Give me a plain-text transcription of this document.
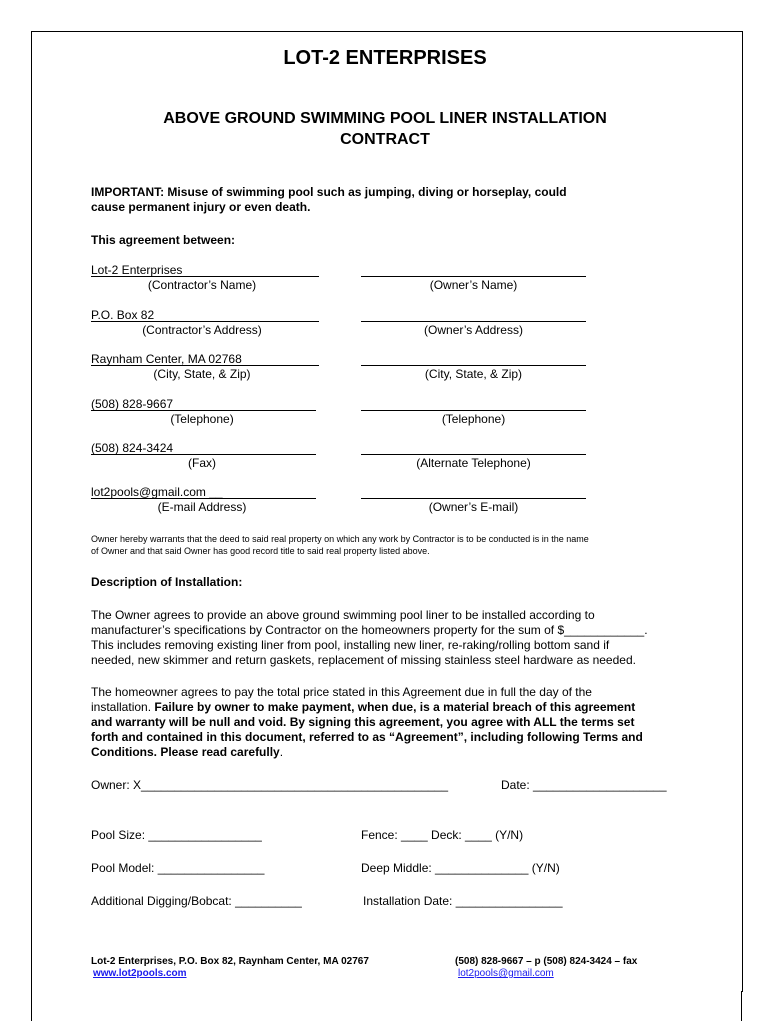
LOT-2 ENTERPRISES
ABOVE GROUND SWIMMING POOL LINER INSTALLATION
CONTRACT
IMPORTANT: Misuse of swimming pool such as jumping, diving or horseplay, could
cause permanent injury or even death.
This agreement between:
Lot-2 Enterprises
(Contractor’s Name)	(Owner’s Name)
P.O. Box 82
(Contractor’s Address)	(Owner’s Address)
Raynham Center, MA 02768
(City, State, & Zip)	(City, State, & Zip)
(508) 828-9667
(Telephone)	(Telephone)
(508) 824-3424
(Fax)	(Alternate Telephone)
lot2pools@gmail.com __
(E-mail Address)	(Owner’s E-mail)
Owner hereby warrants that the deed to said real property on which any work by Contractor is to be conducted is in the name
of Owner and that said Owner has good record title to said real property listed above.
Description of Installation:
The Owner agrees to provide an above ground swimming pool liner to be installed according to
manufacturer’s specifications by Contractor on the homeowners property for the sum of $____________.
This includes removing existing liner from pool, installing new liner, re-raking/rolling bottom sand if
needed, new skimmer and return gaskets, replacement of missing stainless steel hardware as needed.
The homeowner agrees to pay the total price stated in this Agreement due in full the day of the
installation. Failure by owner to make payment, when due, is a material breach of this agreement
and warranty will be null and void. By signing this agreement, you agree with ALL the terms set
forth and contained in this document, referred to as “Agreement”, including following Terms and
Conditions. Please read carefully.
Owner: X______________________________________________	Date: ____________________
Pool Size: _________________	Fence: ____ Deck: ____ (Y/N)
Pool Model: ________________	Deep Middle: ______________ (Y/N)
Additional Digging/Bobcat: __________	Installation Date: ________________
Lot-2 Enterprises, P.O. Box 82, Raynham Center, MA 02767	(508) 828-9667 – p (508) 824-3424 – fax
www.lot2pools.com	lot2pools@gmail.com
